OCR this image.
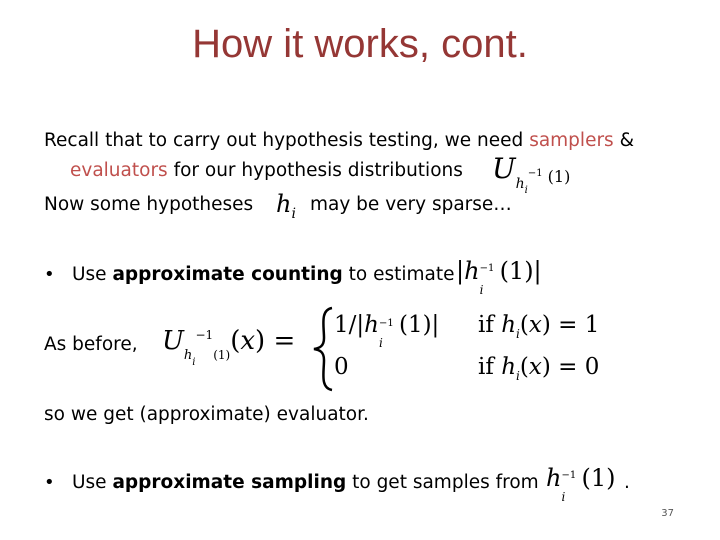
How it works, cont.
Recall that to carry out hypothesis testing, we need samplers &
evaluators for our hypothesis distributions $Uh_i^{-1}$ (1)
Now some hypotheses $h_i$ may be very sparse…
• Use approximate counting to estimate |h −1
i
(1)|
As before, $U_{hi}^{-1}_{(1)}(x)$ =
1/|h −1
i
(1)|
0
if $h_i(x) = 1$
if $h_i(x) = 0$
so we get (approximate) evaluator.
• Use approximate sampling to get samples from h −1
i
(1) .
37
